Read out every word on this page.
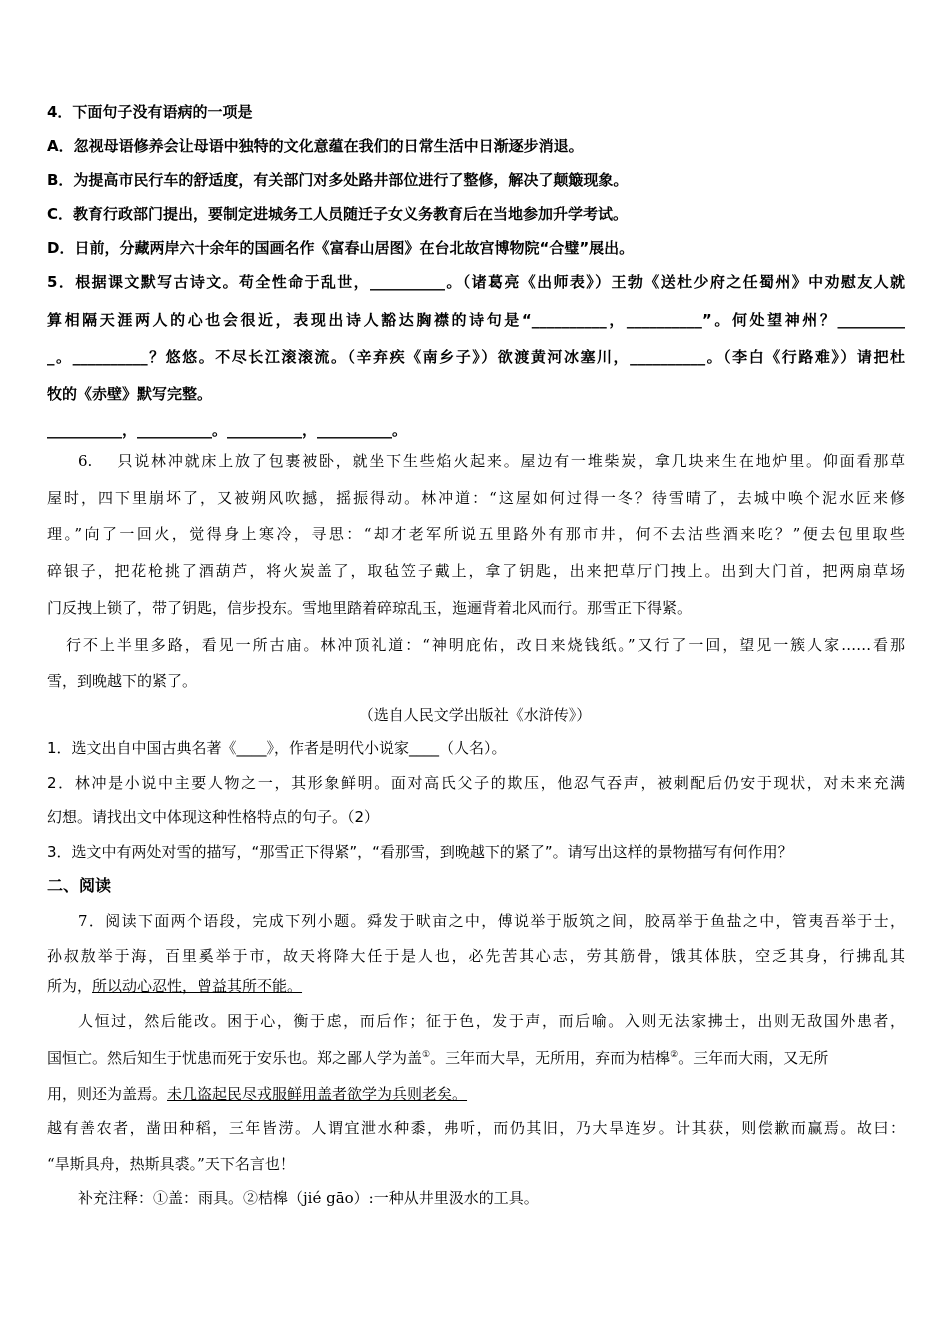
4．下面句子没有语病的一项是
A．忽视母语修养会让母语中独特的文化意蕴在我们的日常生活中日渐逐步消退。
B．为提高市民行车的舒适度，有关部门对多处路井部位进行了整修，解决了颠簸现象。
C．教育行政部门提出，要制定进城务工人员随迁子女义务教育后在当地参加升学考试。
D．日前，分藏两岸六十余年的国画名作《富春山居图》在台北故宫博物院“合璧”展出。
5．根据课文默写古诗文。苟全性命于乱世，__________。（诸葛亮《出师表》）王勃《送杜少府之任蜀州》中劝慰友人就
算相隔天涯两人的心也会很近，表现出诗人豁达胸襟的诗句是“__________，__________”。何处望神州？_________
_。__________？悠悠。不尽长江滚滚流。（辛弃疾《南乡子》）欲渡黄河冰塞川，__________。（李白《行路难》）请把杜
牧的《赤壁》默写完整。
__________，__________。__________，__________。
6.　 只说林冲就床上放了包裹被卧，就坐下生些焰火起来。屋边有一堆柴炭，拿几块来生在地炉里。仰面看那草
屋时，四下里崩坏了，又被朔风吹撼，摇振得动。林冲道：“这屋如何过得一冬？待雪晴了，去城中唤个泥水匠来修
理。”向了一回火，觉得身上寒冷，寻思：“却才老军所说五里路外有那市井，何不去沽些酒来吃？”便去包里取些
碎银子，把花枪挑了酒葫芦，将火炭盖了，取毡笠子戴上，拿了钥匙，出来把草厅门拽上。出到大门首，把两扇草场
门反拽上锁了，带了钥匙，信步投东。雪地里踏着碎琼乱玉，迤逦背着北风而行。那雪正下得紧。
行不上半里多路，看见一所古庙。林冲顶礼道：“神明庇佑，改日来烧钱纸。”又行了一回，望见一簇人家……看那
雪，到晚越下的紧了。
（选自人民文学出版社《水浒传》）
1．选文出自中国古典名著《____》，作者是明代小说家____（人名）。
2．林冲是小说中主要人物之一，其形象鲜明。面对高氏父子的欺压，他忍气吞声，被刺配后仍安于现状，对未来充满
幻想。请找出文中体现这种性格特点的句子。（2）
3．选文中有两处对雪的描写，“那雪正下得紧”，“看那雪，到晚越下的紧了”。请写出这样的景物描写有何作用？
二、阅读
7．阅读下面两个语段，完成下列小题。舜发于畎亩之中，傅说举于版筑之间，胶鬲举于鱼盐之中，管夷吾举于士，
孙叔敖举于海，百里奚举于市，故天将降大任于是人也，必先苦其心志，劳其筋骨，饿其体肤，空乏其身，行拂乱其
所为，所以动心忍性，曾益其所不能。
人恒过，然后能改。困于心，衡于虑，而后作；征于色，发于声，而后喻。入则无法家拂士，出则无敌国外患者，
国恒亡。然后知生于忧患而死于安乐也。郑之鄙人学为盖①。三年而大旱，无所用，弃而为桔槔②。三年而大雨，又无所
用，则还为盖焉。未几盗起民尽戎服鲜用盖者欲学为兵则老矣。
越有善农者，凿田种稻，三年皆涝。人谓宜泄水种黍，弗听，而仍其旧，乃大旱连岁。计其获，则偿歉而赢焉。故曰：
“旱斯具舟，热斯具裘。”天下名言也！
补充注释：①盖：雨具。②桔槔（jié gāo）:一种从井里汲水的工具。
